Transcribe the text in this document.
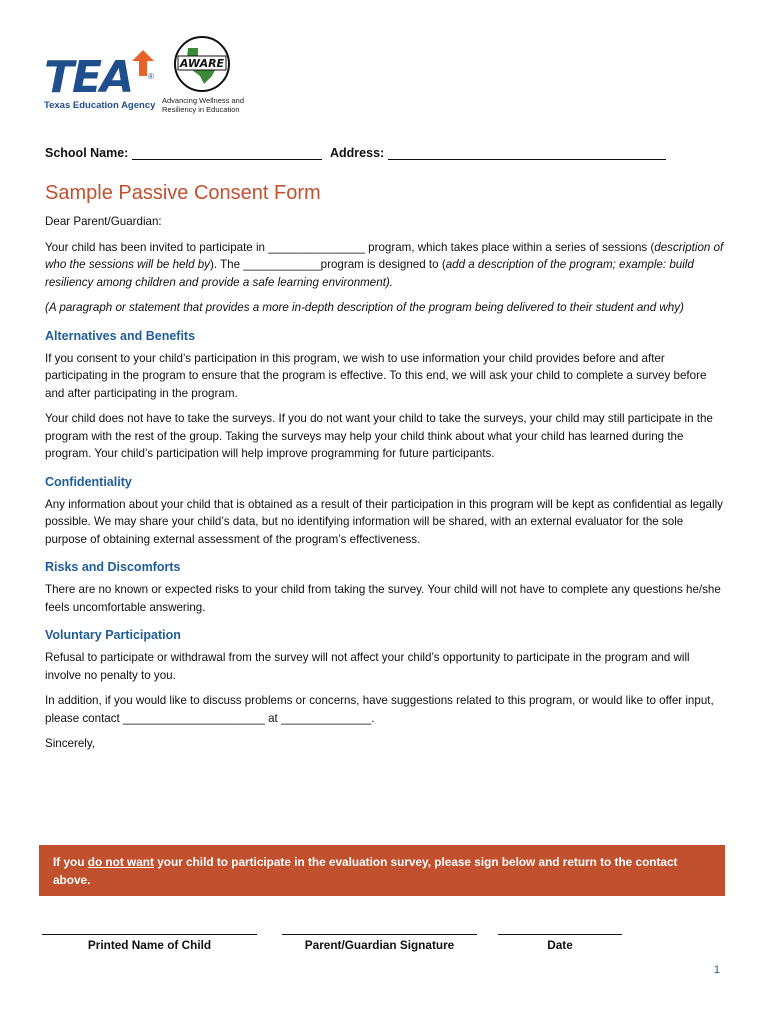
TEA
Texas Education Agency
®
AWARE
Advancing Wellness and
Resiliency in Education
School Name:	Address:
Sample Passive Consent Form

Dear Parent/Guardian:

Your child has been invited to participate in _______________ program, which takes place within a series of sessions (description of who the sessions will be held by). The ____________program is designed to (add a description of the program; example: build resiliency among children and provide a safe learning environment).

(A paragraph or statement that provides a more in-depth description of the program being delivered to their student and why)

Alternatives and Benefits

If you consent to your child’s participation in this program, we wish to use information your child provides before and after participating in the program to ensure that the program is effective. To this end, we will ask your child to complete a survey before and after participating in the program.

Your child does not have to take the surveys. If you do not want your child to take the surveys, your child may still participate in the program with the rest of the group. Taking the surveys may help your child think about what your child has learned during the program. Your child’s participation will help improve programming for future participants.

Confidentiality

Any information about your child that is obtained as a result of their participation in this program will be kept as confidential as legally possible. We may share your child’s data, but no identifying information will be shared, with an external evaluator for the sole purpose of obtaining external assessment of the program’s effectiveness.

Risks and Discomforts

There are no known or expected risks to your child from taking the survey. Your child will not have to complete any questions he/she feels uncomfortable answering.

Voluntary Participation

Refusal to participate or withdrawal from the survey will not affect your child’s opportunity to participate in the program and will involve no penalty to you.

In addition, if you would like to discuss problems or concerns, have suggestions related to this program, or would like to offer input, please contact ______________________ at ______________.

Sincerely,

If you do not want your child to participate in the evaluation survey, please sign below and return to the contact above.
Printed Name of Child	Parent/Guardian Signature	Date
1
